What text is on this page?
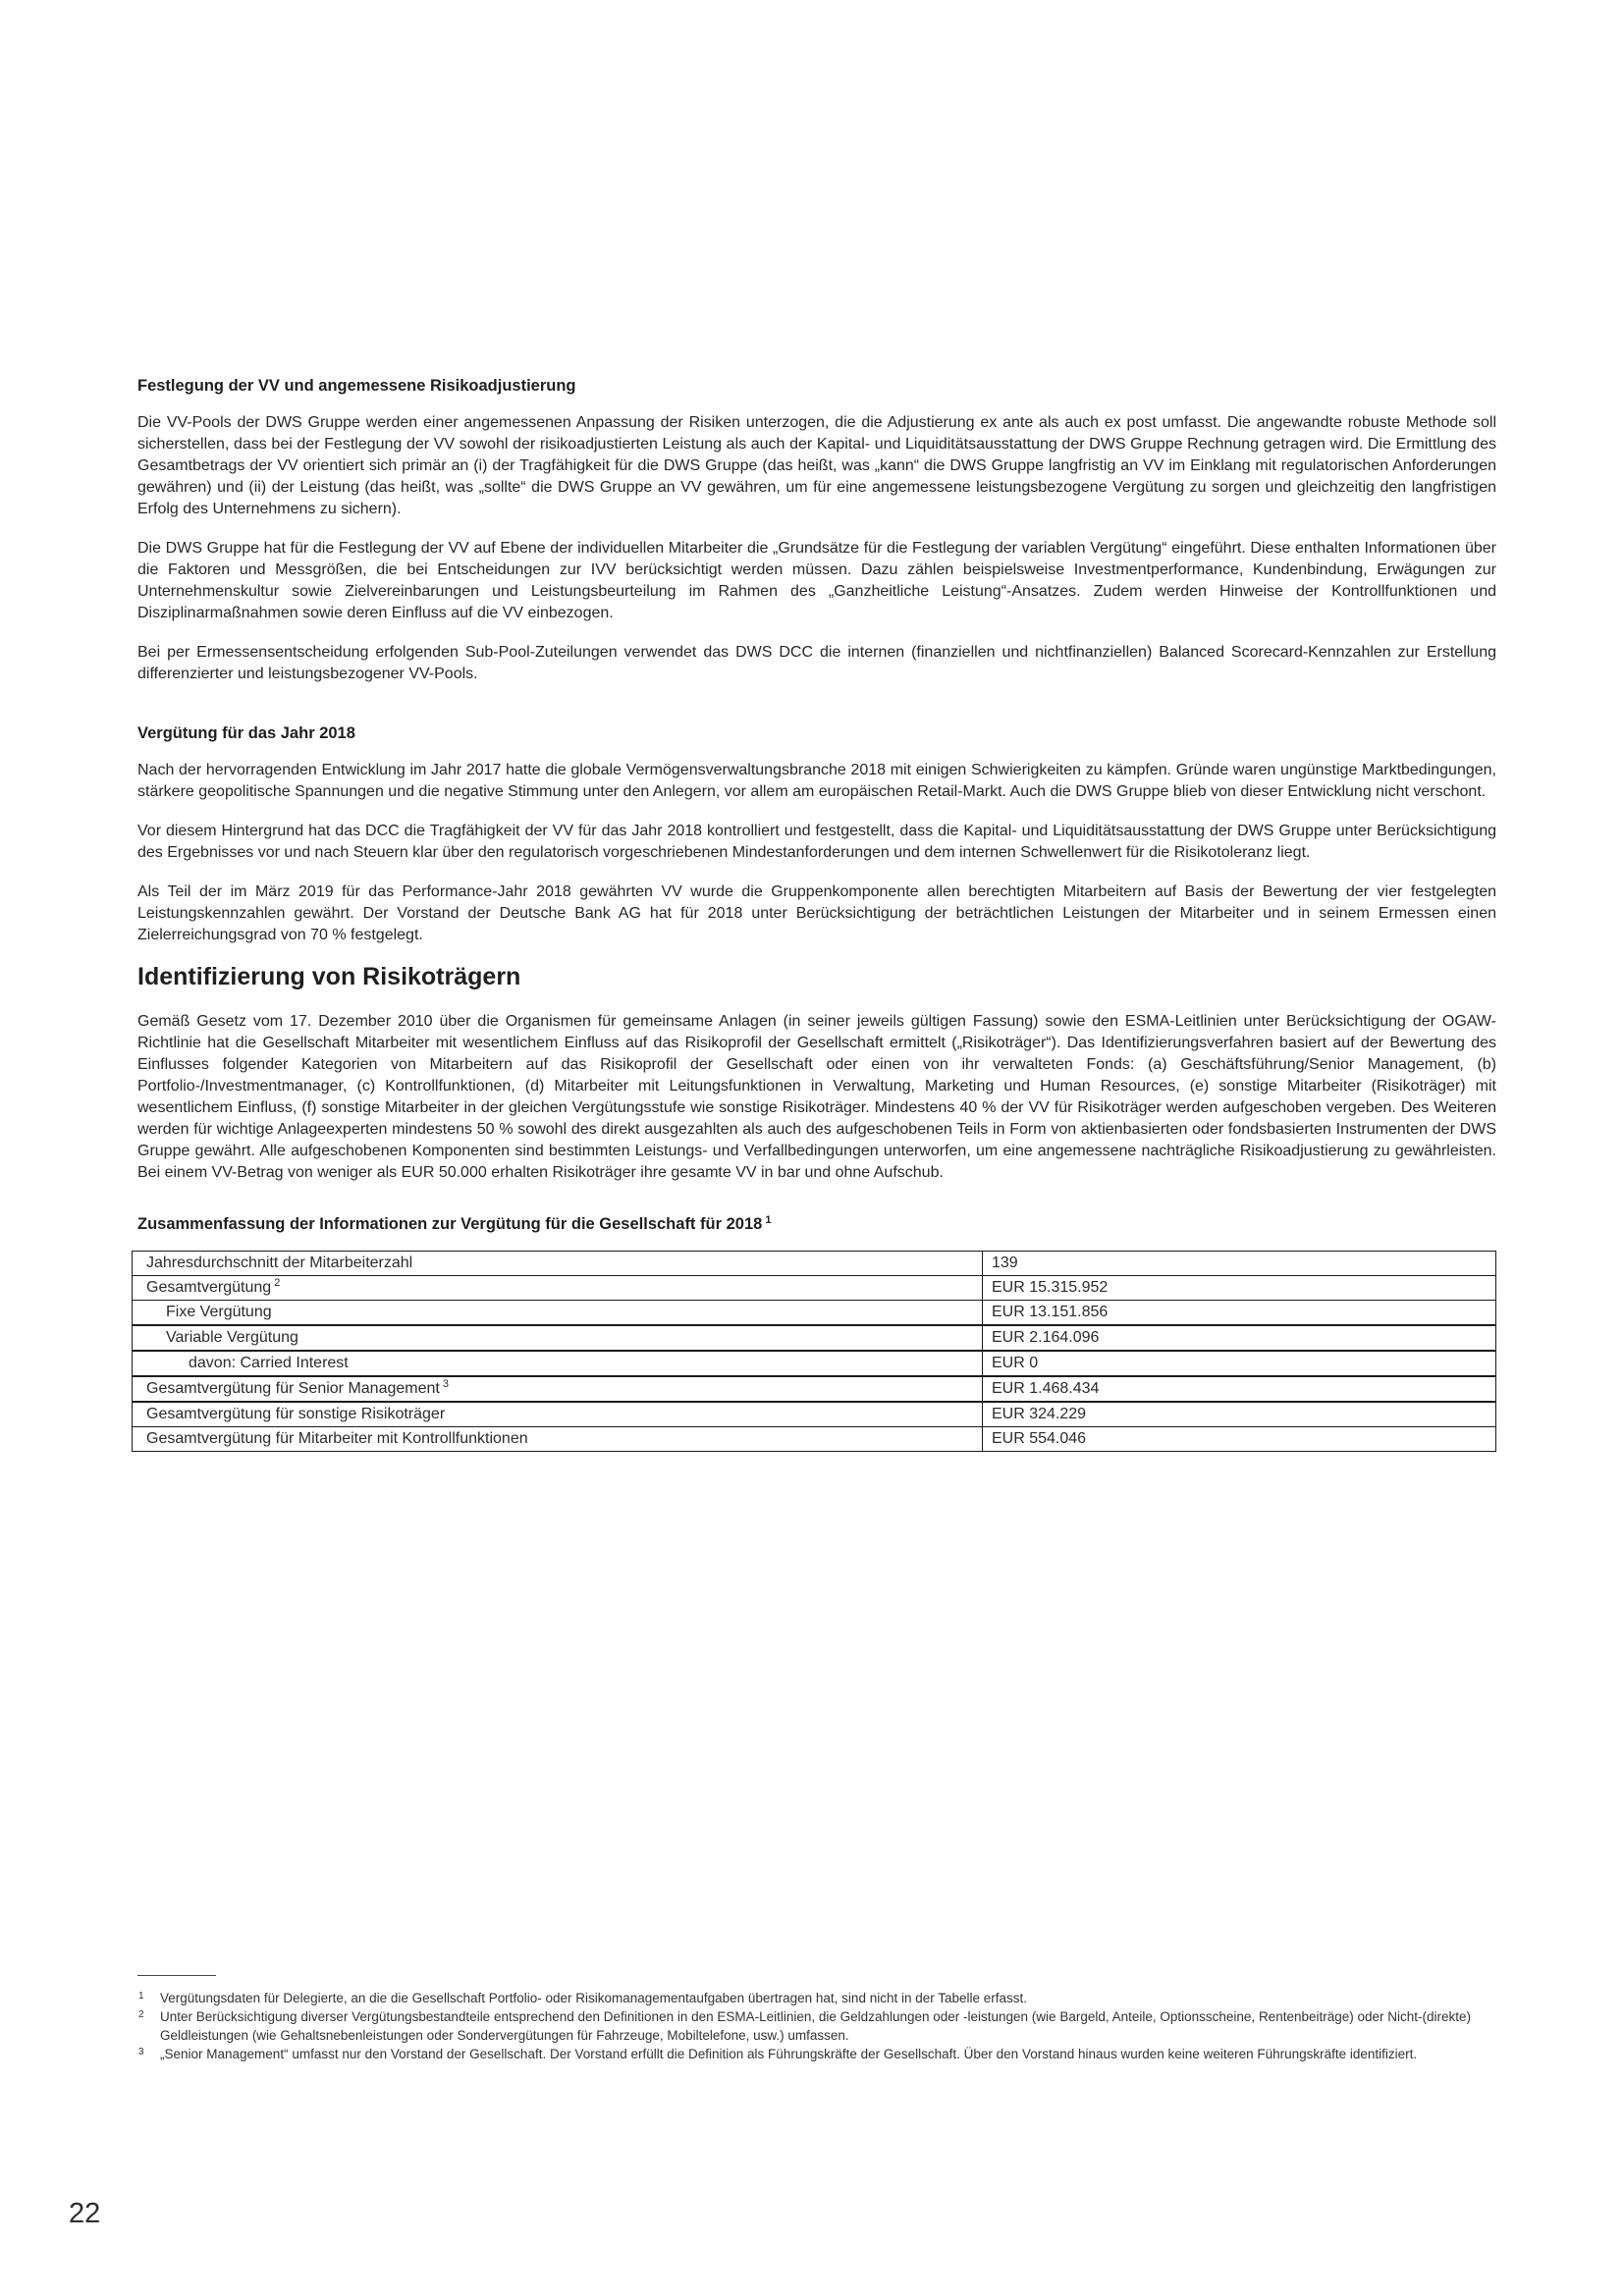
Festlegung der VV und angemessene Risikoadjustierung

Die VV-Pools der DWS Gruppe werden einer angemessenen Anpassung der Risiken unterzogen, die die Adjustierung ex ante als auch ex post umfasst. Die angewandte robuste Methode soll sicherstellen, dass bei der Festlegung der VV sowohl der risikoadjustierten Leistung als auch der Kapital- und Liquiditätsausstattung der DWS Gruppe Rechnung getragen wird. Die Ermittlung des Gesamtbetrags der VV orientiert sich primär an (i) der Tragfähigkeit für die DWS Gruppe (das heißt, was „kann“ die DWS Gruppe langfristig an VV im Einklang mit regulatorischen Anforderungen gewähren) und (ii) der Leistung (das heißt, was „sollte“ die DWS Gruppe an VV gewähren, um für eine angemessene leistungsbezogene Vergütung zu sorgen und gleichzeitig den langfristigen Erfolg des Unternehmens zu sichern).

Die DWS Gruppe hat für die Festlegung der VV auf Ebene der individuellen Mitarbeiter die „Grundsätze für die Festlegung der variablen Vergütung“ eingeführt. Diese enthalten Informationen über die Faktoren und Messgrößen, die bei Entscheidungen zur IVV berücksichtigt werden müssen. Dazu zählen beispielsweise Investmentperformance, Kundenbindung, Erwägungen zur Unternehmenskultur sowie Zielvereinbarungen und Leistungsbeurteilung im Rahmen des „Ganzheitliche Leistung“-Ansatzes. Zudem werden Hinweise der Kontrollfunktionen und Disziplinarmaßnahmen sowie deren Einfluss auf die VV einbezogen.

Bei per Ermessensentscheidung erfolgenden Sub-Pool-Zuteilungen verwendet das DWS DCC die internen (finanziellen und nichtfinanziellen) Balanced Scorecard-Kennzahlen zur Erstellung differenzierter und leistungsbezogener VV-Pools.

Vergütung für das Jahr 2018

Nach der hervorragenden Entwicklung im Jahr 2017 hatte die globale Vermögensverwaltungsbranche 2018 mit einigen Schwierigkeiten zu kämpfen. Gründe waren ungünstige Marktbedingungen, stärkere geopolitische Spannungen und die negative Stimmung unter den Anlegern, vor allem am europäischen Retail-Markt. Auch die DWS Gruppe blieb von dieser Entwicklung nicht verschont.

Vor diesem Hintergrund hat das DCC die Tragfähigkeit der VV für das Jahr 2018 kontrolliert und festgestellt, dass die Kapital- und Liquiditätsausstattung der DWS Gruppe unter Berücksichtigung des Ergebnisses vor und nach Steuern klar über den regulatorisch vorgeschriebenen Mindestanforderungen und dem internen Schwellenwert für die Risikotoleranz liegt.

Als Teil der im März 2019 für das Performance-Jahr 2018 gewährten VV wurde die Gruppenkomponente allen berechtigten Mitarbeitern auf Basis der Bewertung der vier festgelegten Leistungskennzahlen gewährt. Der Vorstand der Deutsche Bank AG hat für 2018 unter Berücksichtigung der beträchtlichen Leistungen der Mitarbeiter und in seinem Ermessen einen Zielerreichungsgrad von 70 % festgelegt.

Identifizierung von Risikoträgern

Gemäß Gesetz vom 17. Dezember 2010 über die Organismen für gemeinsame Anlagen (in seiner jeweils gültigen Fassung) sowie den ESMA-Leitlinien unter Berücksichtigung der OGAW-Richtlinie hat die Gesellschaft Mitarbeiter mit wesentlichem Einfluss auf das Risikoprofil der Gesellschaft ermittelt („Risikoträger“). Das Identifizierungsverfahren basiert auf der Bewertung des Einflusses folgender Kategorien von Mitarbeitern auf das Risikoprofil der Gesellschaft oder einen von ihr verwalteten Fonds: (a) Geschäftsführung/Senior Management, (b) Portfolio-/Investmentmanager, (c) Kontrollfunktionen, (d) Mitarbeiter mit Leitungsfunktionen in Verwaltung, Marketing und Human Resources, (e) sonstige Mitarbeiter (Risikoträger) mit wesentlichem Einfluss, (f) sonstige Mitarbeiter in der gleichen Vergütungsstufe wie sonstige Risikoträger. Mindestens 40 % der VV für Risikoträger werden aufgeschoben vergeben. Des Weiteren werden für wichtige Anlageexperten mindestens 50 % sowohl des direkt ausgezahlten als auch des aufgeschobenen Teils in Form von aktienbasierten oder fondsbasierten Instrumenten der DWS Gruppe gewährt. Alle aufgeschobenen Komponenten sind bestimmten Leistungs- und Verfallbedingungen unterworfen, um eine angemessene nachträgliche Risikoadjustierung zu gewährleisten. Bei einem VV-Betrag von weniger als EUR 50.000 erhalten Risikoträger ihre gesamte VV in bar und ohne Aufschub.

Zusammenfassung der Informationen zur Vergütung für die Gesellschaft für 2018 $^1$
Jahresdurchschnitt der Mitarbeiterzahl	139
Gesamtvergütung $^2$	EUR 15.315.952
Fixe Vergütung	EUR 13.151.856
Variable Vergütung	EUR 2.164.096
davon: Carried Interest	EUR 0
Gesamtvergütung für Senior Management $^3$	EUR 1.468.434
Gesamtvergütung für sonstige Risikoträger	EUR 324.229
Gesamtvergütung für Mitarbeiter mit Kontrollfunktionen	EUR 554.046
1	Vergütungsdaten für Delegierte, an die die Gesellschaft Portfolio- oder Risikomanagementaufgaben übertragen hat, sind nicht in der Tabelle erfasst.
2	Unter Berücksichtigung diverser Vergütungsbestandteile entsprechend den Definitionen in den ESMA-Leitlinien, die Geldzahlungen oder -leistungen (wie Bargeld, Anteile, Optionsscheine, Rentenbeiträge) oder Nicht-(direkte) Geldleistungen (wie Gehaltsnebenleistungen oder Sondervergütungen für Fahrzeuge, Mobiltelefone, usw.) umfassen.
3	„Senior Management“ umfasst nur den Vorstand der Gesellschaft. Der Vorstand erfüllt die Definition als Führungskräfte der Gesellschaft. Über den Vorstand hinaus wurden keine weiteren Führungskräfte identifiziert.
22
